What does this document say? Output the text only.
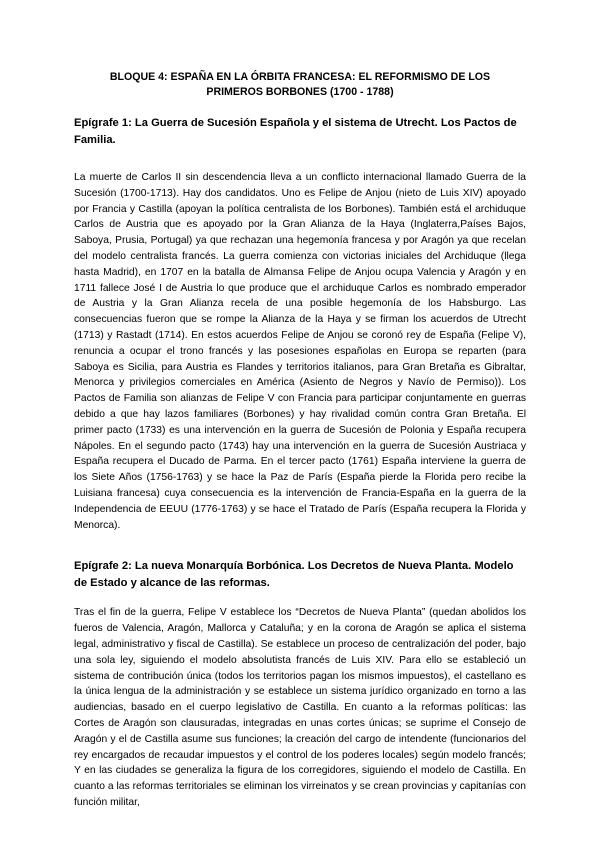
BLOQUE 4: ESPAÑA EN LA ÓRBITA FRANCESA: EL REFORMISMO DE LOS PRIMEROS BORBONES (1700 - 1788)
Epígrafe 1: La Guerra de Sucesión Española y el sistema de Utrecht. Los Pactos de Familia.

La muerte de Carlos II sin descendencia lleva a un conflicto internacional llamado Guerra de la Sucesión (1700-1713). Hay dos candidatos. Uno es Felipe de Anjou (nieto de Luis XIV) apoyado por Francia y Castilla (apoyan la política centralista de los Borbones). También está el archiduque Carlos de Austria que es apoyado por la Gran Alianza de la Haya (Inglaterra,Países Bajos, Saboya, Prusia, Portugal) ya que rechazan una hegemonía francesa y por Aragón ya que recelan del modelo centralista francés. La guerra comienza con victorias iniciales del Archiduque (llega hasta Madrid), en 1707 en la batalla de Almansa Felipe de Anjou ocupa Valencia y Aragón y en 1711 fallece José I de Austria lo que produce que el archiduque Carlos es nombrado emperador de Austria y la Gran Alianza recela de una posible hegemonía de los Habsburgo. Las consecuencias fueron que se rompe la Alianza de la Haya y se firman los acuerdos de Utrecht (1713) y Rastadt (1714). En estos acuerdos Felipe de Anjou se coronó rey de España (Felipe V), renuncia a ocupar el trono francés y las posesiones españolas en Europa se reparten (para Saboya es Sicilia, para Austria es Flandes y territorios italianos, para Gran Bretaña es Gibraltar, Menorca y privilegios comerciales en América (Asiento de Negros y Navío de Permiso)). Los Pactos de Familia son alianzas de Felipe V con Francia para participar conjuntamente en guerras debido a que hay lazos familiares (Borbones) y hay rivalidad común contra Gran Bretaña. El primer pacto (1733) es una intervención en la guerra de Sucesión de Polonia y España recupera Nápoles. En el segundo pacto (1743) hay una intervención en la guerra de Sucesión Austriaca y España recupera el Ducado de Parma. En el tercer pacto (1761) España interviene la guerra de los Siete Años (1756-1763) y se hace la Paz de París (España pierde la Florida pero recibe la Luisiana francesa) cuya consecuencia es la intervención de Francia-España en la guerra de la Independencia de EEUU (1776-1763) y se hace el Tratado de París (España recupera la Florida y Menorca).

Epígrafe 2: La nueva Monarquía Borbónica. Los Decretos de Nueva Planta. Modelo de Estado y alcance de las reformas.

Tras el fin de la guerra, Felipe V establece los “Decretos de Nueva Planta” (quedan abolidos los fueros de Valencia, Aragón, Mallorca y Cataluña; y en la corona de Aragón se aplica el sistema legal, administrativo y fiscal de Castilla). Se establece un proceso de centralización del poder, bajo una sola ley, siguiendo el modelo absolutista francés de Luis XIV. Para ello se estableció un sistema de contribución única (todos los territorios pagan los mismos impuestos), el castellano es la única lengua de la administración y se establece un sistema jurídico organizado en torno a las audiencias, basado en el cuerpo legislativo de Castilla. En cuanto a la reformas políticas: las Cortes de Aragón son clausuradas, integradas en unas cortes únicas; se suprime el Consejo de Aragón y el de Castilla asume sus funciones; la creación del cargo de intendente (funcionarios del rey encargados de recaudar impuestos y el control de los poderes locales) según modelo francés; Y en las ciudades se generaliza la figura de los corregidores, siguiendo el modelo de Castilla. En cuanto a las reformas territoriales se eliminan los virreinatos y se crean provincias y capitanías con función militar,
